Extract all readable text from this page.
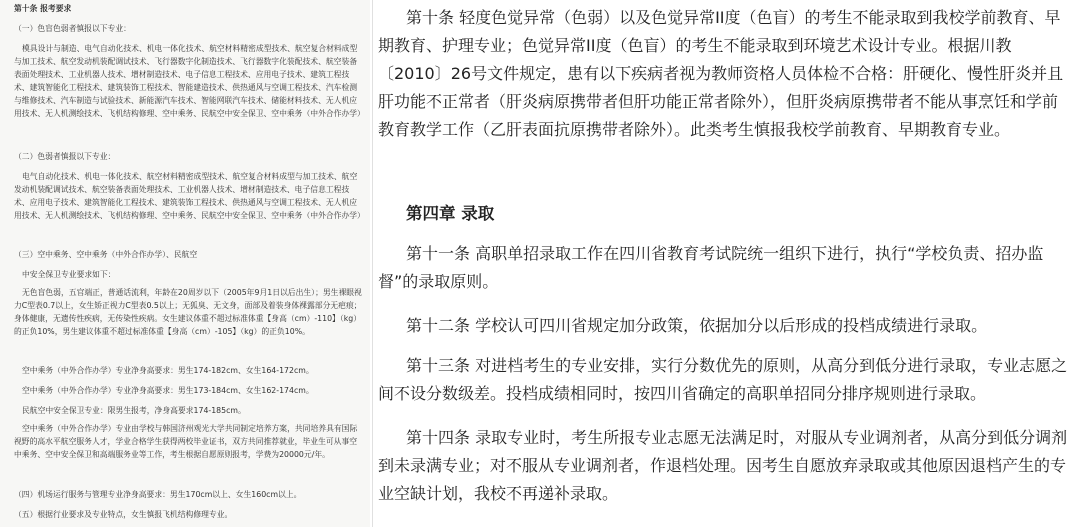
第十条 报考要求

（一）色盲色弱者慎报以下专业：

模具设计与制造、电气自动化技术、机电一体化技术、航空材料精密成型技术、航空复合材料成型与加工技术、航空发动机装配调试技术、飞行器数字化制造技术、飞行器数字化装配技术、航空装备表面处理技术、工业机器人技术、增材制造技术、电子信息工程技术、应用电子技术、建筑工程技术、建筑智能化工程技术、建筑装饰工程技术、智能建造技术、供热通风与空调工程技术、汽车检测与维修技术、汽车制造与试验技术、新能源汽车技术、智能网联汽车技术、储能材料技术、无人机应用技术、无人机测绘技术、飞机结构修理、空中乘务、民航空中安全保卫、空中乘务（中外合作办学）

（二）色弱者慎报以下专业：

电气自动化技术、机电一体化技术、航空材料精密成型技术、航空复合材料成型与加工技术、航空发动机装配调试技术、航空装备表面处理技术、工业机器人技术、增材制造技术、电子信息工程技术、应用电子技术、建筑智能化工程技术、建筑装饰工程技术、供热通风与空调工程技术、无人机应用技术、无人机测绘技术、飞机结构修理、空中乘务、民航空中安全保卫、空中乘务（中外合作办学）

（三）空中乘务、空中乘务（中外合作办学）、民航空

中安全保卫专业要求如下：

无色盲色弱，五官端正，普通话流利，年龄在20周岁以下（2005年9月1日以后出生）；男生裸眼视力C型表0.7以上，女生矫正视力C型表0.5以上；无狐臭、无文身，面部及着装身体裸露部分无疤痕；身体健康，无遗传性疾病，无传染性疾病。女生建议体重不超过标准体重【身高（cm）-110】（kg）的正负10%，男生建议体重不超过标准体重【身高（cm）-105】（kg）的正负10%。

空中乘务（中外合作办学）专业净身高要求：男生174-182cm、女生164-172cm。

空中乘务（中外合作办学）专业净身高要求：男生173-184cm、女生162-174cm。

民航空中安全保卫专业：限男生报考，净身高要求174-185cm。

空中乘务（中外合作办学）专业由学校与韩国济州观光大学共同制定培养方案，共同培养具有国际视野的高水平航空服务人才，学业合格学生获得两校毕业证书，双方共同推荐就业，毕业生可从事空中乘务、空中安全保卫和高端服务业等工作，考生根据自愿原则报考，学费为20000元/年。

（四）机场运行服务与管理专业净身高要求：男生170cm以上、女生160cm以上。

（五）根据行业要求及专业特点，女生慎报飞机结构修理专业。

第十条 轻度色觉异常（色弱）以及色觉异常II度（色盲）的考生不能录取到我校学前教育、早期教育、护理专业；色觉异常II度（色盲）的考生不能录取到环境艺术设计专业。根据川教〔2010〕26号文件规定，患有以下疾病者视为教师资格人员体检不合格：肝硬化、慢性肝炎并且肝功能不正常者（肝炎病原携带者但肝功能正常者除外），但肝炎病原携带者不能从事烹饪和学前教育教学工作（乙肝表面抗原携带者除外）。此类考生慎报我校学前教育、早期教育专业。

第四章 录取

第十一条 高职单招录取工作在四川省教育考试院统一组织下进行，执行“学校负责、招办监督”的录取原则。

第十二条 学校认可四川省规定加分政策，依据加分以后形成的投档成绩进行录取。

第十三条 对进档考生的专业安排，实行分数优先的原则，从高分到低分进行录取，专业志愿之间不设分数级差。投档成绩相同时，按四川省确定的高职单招同分排序规则进行录取。

第十四条 录取专业时，考生所报专业志愿无法满足时，对服从专业调剂者，从高分到低分调剂到未录满专业；对不服从专业调剂者，作退档处理。因考生自愿放弃录取或其他原因退档产生的专业空缺计划，我校不再递补录取。
